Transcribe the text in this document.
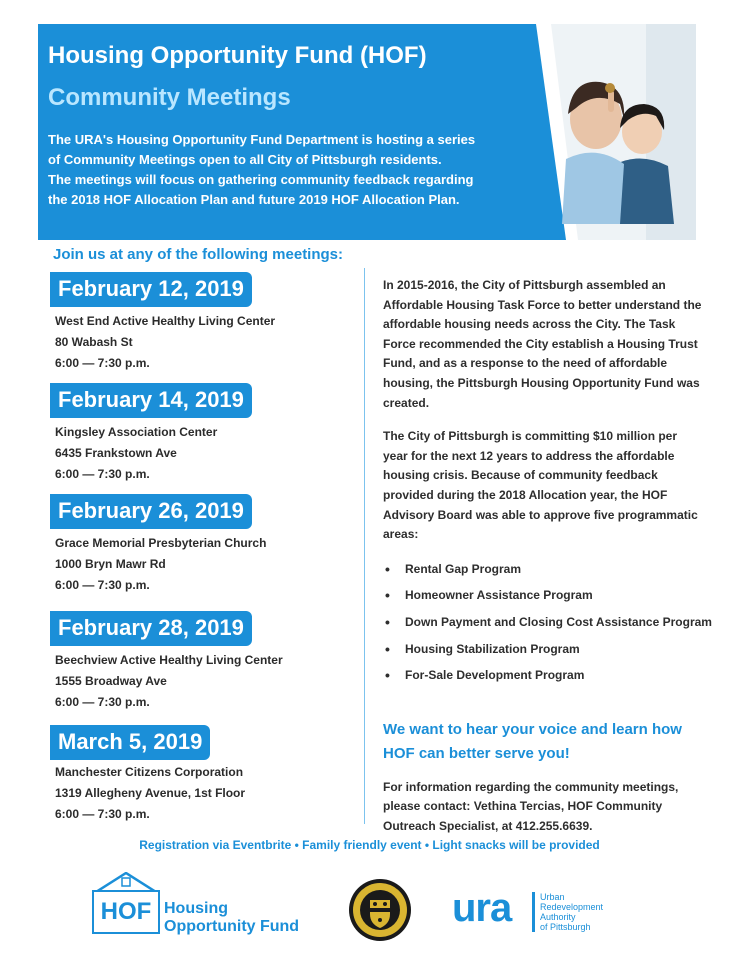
Housing Opportunity Fund (HOF)
Community Meetings

The URA's Housing Opportunity Fund Department is hosting a series

of Community Meetings open to all City of Pittsburgh residents.

The meetings will focus on gathering community feedback regarding

the 2018 HOF Allocation Plan and future 2019 HOF Allocation Plan.

Join us at any of the following meetings:
February 12, 2019
West End Active Healthy Living Center
80 Wabash St
6:00 — 7:30 p.m.
February 14, 2019
Kingsley Association Center
6435 Frankstown Ave
6:00 — 7:30 p.m.
February 26, 2019
Grace Memorial Presbyterian Church
1000 Bryn Mawr Rd
6:00 — 7:30 p.m.
February 28, 2019
Beechview Active Healthy Living Center
1555 Broadway Ave
6:00 — 7:30 p.m.
March 5, 2019
Manchester Citizens Corporation
1319 Allegheny Avenue, 1st Floor
6:00 — 7:30 p.m.

In 2015-2016, the City of Pittsburgh assembled an Affordable Housing Task Force to better understand the affordable housing needs across the City. The Task Force recommended the City establish a Housing Trust Fund, and as a response to the need of affordable housing, the Pittsburgh Housing Opportunity Fund was created.

The City of Pittsburgh is committing $10 million per year for the next 12 years to address the affordable housing crisis. Because of community feedback provided during the 2018 Allocation year, the HOF Advisory Board was able to approve five programmatic areas:

• Rental Gap Program
• Homeowner Assistance Program
• Down Payment and Closing Cost Assistance Program
• Housing Stabilization Program
• For-Sale Development Program

We want to hear your voice and learn how HOF can better serve you!

For information regarding the community meetings, please contact: Vethina Tercias, HOF Community Outreach Specialist, at 412.255.6639.

Registration via Eventbrite • Family friendly event • Light snacks will be provided
HOF Housing
Opportunity Fund	ura	Urban
Redevelopment
Authority
of Pittsburgh
